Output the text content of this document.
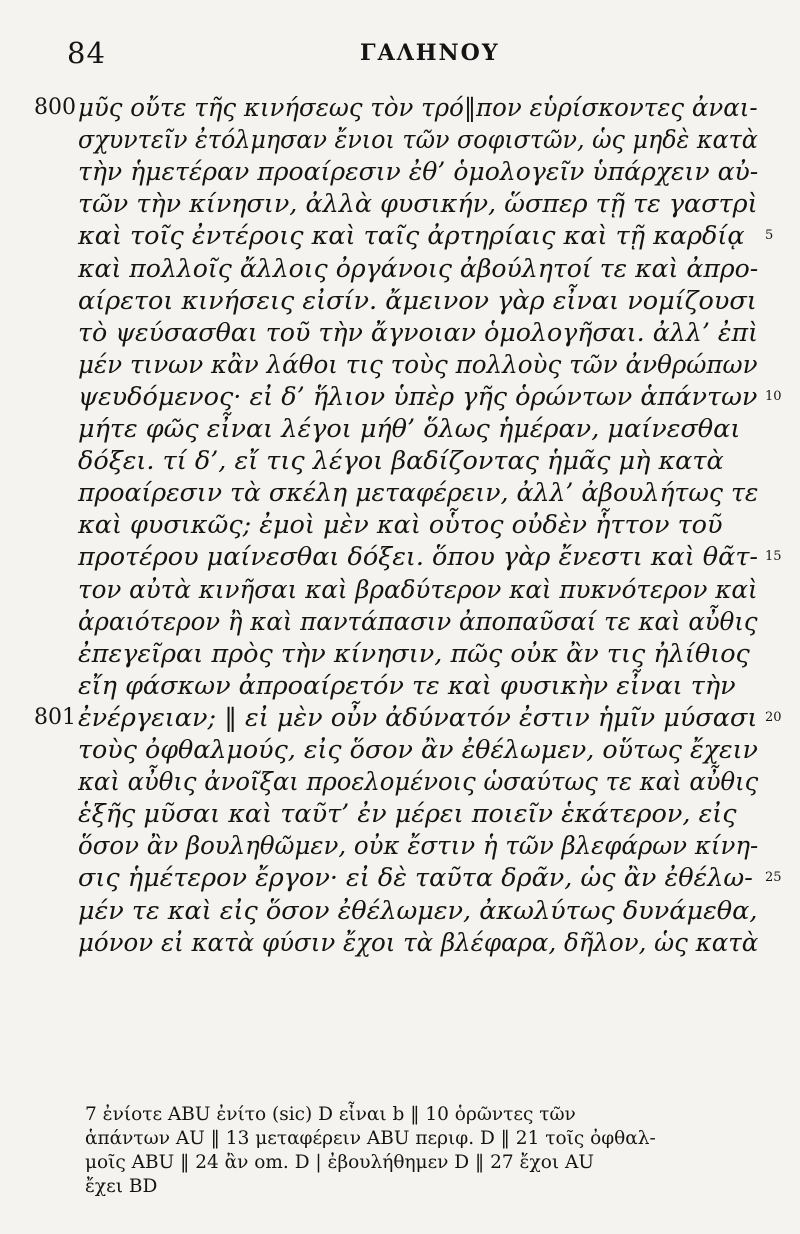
84	ΓΑΛΗΝΟΥ
800 μῦς οὔτε τῆς κινήσεως τὸν τρό‖πον εὑρίσκοντες ἀναι-
σχυντεῖν ἐτόλμησαν ἔνιοι τῶν σοφιστῶν, ὡς μηδὲ κατὰ
τὴν ἡμετέραν προαίρεσιν ἐθ’ ὁμολογεῖν ὑπάρχειν αὐ-
τῶν τὴν κίνησιν, ἀλλὰ φυσικήν, ὥσπερ τῇ τε γαστρὶ
καὶ τοῖς ἐντέροις καὶ ταῖς ἀρτηρίαις καὶ τῇ καρδίᾳ 5
καὶ πολλοῖς ἄλλοις ὀργάνοις ἀβούλητοί τε καὶ ἀπρο-
αίρετοι κινήσεις εἰσίν. ἄμεινον γὰρ εἶναι νομίζουσι
τὸ ψεύσασθαι τοῦ τὴν ἄγνοιαν ὁμολογῆσαι. ἀλλ’ ἐπὶ
μέν τινων κἂν λάθοι τις τοὺς πολλοὺς τῶν ἀνθρώπων
ψευδόμενος· εἰ δ’ ἥλιον ὑπὲρ γῆς ὁρώντων ἁπάντων 10
μήτε φῶς εἶναι λέγοι μήθ’ ὅλως ἡμέραν, μαίνεσθαι
δόξει. τί δ’, εἴ τις λέγοι βαδίζοντας ἡμᾶς μὴ κατὰ
προαίρεσιν τὰ σκέλη μεταφέρειν, ἀλλ’ ἀβουλήτως τε
καὶ φυσικῶς; ἐμοὶ μὲν καὶ οὗτος οὐδὲν ἧττον τοῦ
προτέρου μαίνεσθαι δόξει. ὅπου γὰρ ἔνεστι καὶ θᾶτ- 15
τον αὐτὰ κινῆσαι καὶ βραδύτερον καὶ πυκνότερον καὶ
ἀραιότερον ἢ καὶ παντάπασιν ἀποπαῦσαί τε καὶ αὖθις
ἐπεγεῖραι πρὸς τὴν κίνησιν, πῶς οὐκ ἂν τις ἠλίθιος
εἴη φάσκων ἀπροαίρετόν τε καὶ φυσικὴν εἶναι τὴν
801 ἐνέργειαν; ‖ εἰ μὲν οὖν ἀδύνατόν ἐστιν ἡμῖν μύσασι 20
τοὺς ὀφθαλμούς, εἰς ὅσον ἂν ἐθέλωμεν, οὕτως ἔχειν
καὶ αὖθις ἀνοῖξαι προελομένοις ὡσαύτως τε καὶ αὖθις
ἑξῆς μῦσαι καὶ ταῦτ’ ἐν μέρει ποιεῖν ἑκάτερον, εἰς
ὅσον ἂν βουληθῶμεν, οὐκ ἔστιν ἡ τῶν βλεφάρων κίνη-
σις ἡμέτερον ἔργον· εἰ δὲ ταῦτα δρᾶν, ὡς ἂν ἐθέλω- 25
μέν τε καὶ εἰς ὅσον ἐθέλωμεν, ἀκωλύτως δυνάμεθα,
μόνον εἰ κατὰ φύσιν ἔχοι τὰ βλέφαρα, δῆλον, ὡς κατὰ
7 ἐνίοτε ABU ἐνίτο (sic) D εἶναι b ‖ 10 ὁρῶντες τῶν
ἁπάντων AU ‖ 13 μεταφέρειν ABU περιφ. D ‖ 21 τοῖς ὀφθαλ-
μοῖς ABU ‖ 24 ἂν om. D | ἐβουλήθημεν D ‖ 27 ἔχοι AU
ἔχει BD
